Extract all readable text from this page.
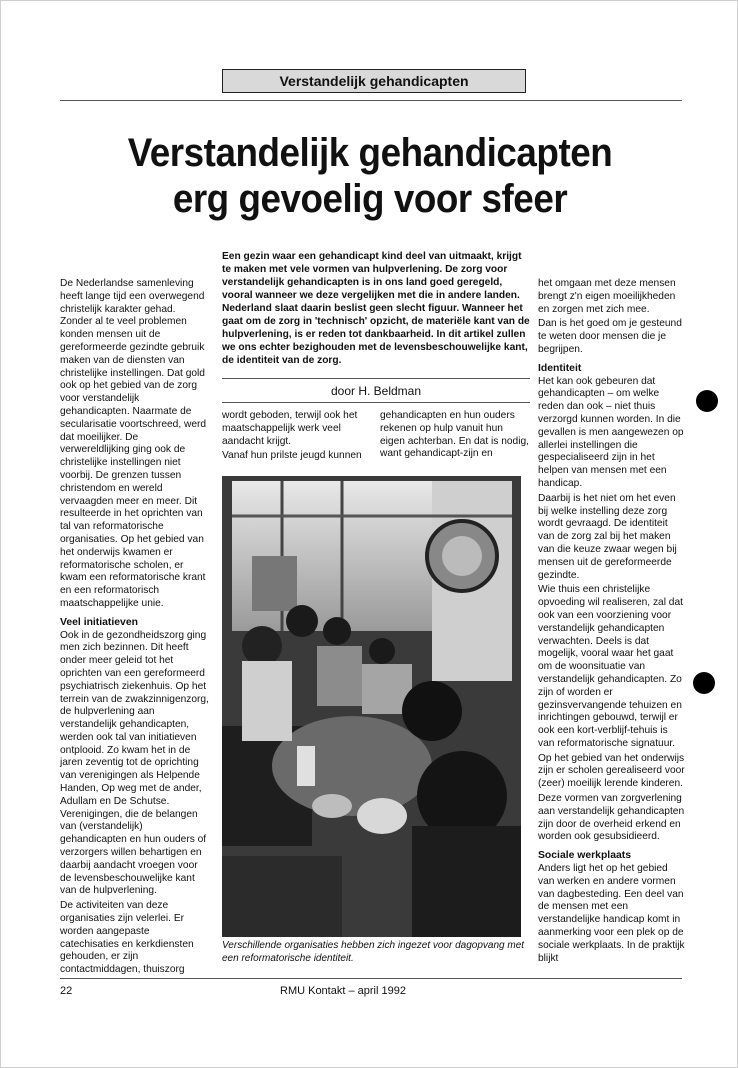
Verstandelijk gehandicapten
Verstandelijk gehandicapten
erg gevoelig voor sfeer
Een gezin waar een gehandicapt kind deel van uitmaakt, krijgt te maken met vele vormen van hulpverlening. De zorg voor verstandelijk gehandicapten is in ons land goed geregeld, vooral wanneer we deze vergelijken met die in andere landen. Nederland slaat daarin beslist geen slecht figuur. Wanneer het gaat om de zorg in 'technisch' opzicht, de materiële kant van de hulpverlening, is er reden tot dankbaarheid. In dit artikel zullen we ons echter bezighouden met de levensbeschouwelijke kant, de identiteit van de zorg.
door H. Beldman

De Nederlandse samenleving heeft lange tijd een overwegend christelijk karakter gehad. Zonder al te veel problemen konden mensen uit de gereformeerde gezindte gebruik maken van de diensten van christelijke instellingen. Dat gold ook op het gebied van de zorg voor verstandelijk gehandicapten. Naarmate de secularisatie voortschreed, werd dat moeilijker. De verwereldlijking ging ook de christelijke instellingen niet voorbij. De grenzen tussen christendom en wereld vervaagden meer en meer. Dit resulteerde in het oprichten van tal van reformatorische organisaties. Op het gebied van het onderwijs kwamen er reformatorische scholen, er kwam een reformatorische krant en een reformatorisch maatschappelijke unie.

Veel initiatieven

Ook in de gezondheidszorg ging men zich bezinnen. Dit heeft onder meer geleid tot het oprichten van een gereformeerd psychiatrisch ziekenhuis. Op het terrein van de zwakzinnigenzorg, de hulpverlening aan verstandelijk gehandicapten, werden ook tal van initiatieven ontplooid. Zo kwam het in de jaren zeventig tot de oprichting van verenigingen als Helpende Handen, Op weg met de ander, Adullam en De Schutse. Verenigingen, die de belangen van (verstandelijk) gehandicapten en hun ouders of verzorgers willen behartigen en daarbij aandacht vroegen voor de levensbeschouwelijke kant van de hulpverlening.

De activiteiten van deze organisaties zijn velerlei. Er worden aangepaste catechisaties en kerkdiensten gehouden, er zijn contactmiddagen, thuiszorg

wordt geboden, terwijl ook het maatschappelijk werk veel aandacht krijgt.

Vanaf hun prilste jeugd kunnen

gehandicapten en hun ouders rekenen op hulp vanuit hun eigen achterban. En dat is nodig, want gehandicapt-zijn en

het omgaan met deze mensen brengt z'n eigen moeilijkheden en zorgen met zich mee.

Dan is het goed om je gesteund te weten door mensen die je begrijpen.

Identiteit

Het kan ook gebeuren dat gehandicapten – om welke reden dan ook – niet thuis verzorgd kunnen worden. In die gevallen is men aangewezen op allerlei instellingen die gespecialiseerd zijn in het helpen van mensen met een handicap.

Daarbij is het niet om het even bij welke instelling deze zorg wordt gevraagd. De identiteit van de zorg zal bij het maken van die keuze zwaar wegen bij mensen uit de gereformeerde gezindte.

Wie thuis een christelijke opvoeding wil realiseren, zal dat ook van een voorziening voor verstandelijk gehandicapten verwachten. Deels is dat mogelijk, vooral waar het gaat om de woonsituatie van verstandelijk gehandicapten. Zo zijn of worden er gezinsvervangende tehuizen en inrichtingen gebouwd, terwijl er ook een kort-verblijf-tehuis is van reformatorische signatuur.

Op het gebied van het onderwijs zijn er scholen gerealiseerd voor (zeer) moeilijk lerende kinderen.

Deze vormen van zorgverlening aan verstandelijk gehandicapten zijn door de overheid erkend en worden ook gesubsidieerd.

Sociale werkplaats

Anders ligt het op het gebied van werken en andere vormen van dagbesteding. Een deel van de mensen met een verstandelijke handicap komt in aanmerking voor een plek op de sociale werkplaats. In de praktijk blijkt

Verschillende organisaties hebben zich ingezet voor dagopvang met een reformatorische identiteit.
22	RMU Kontakt – april 1992
